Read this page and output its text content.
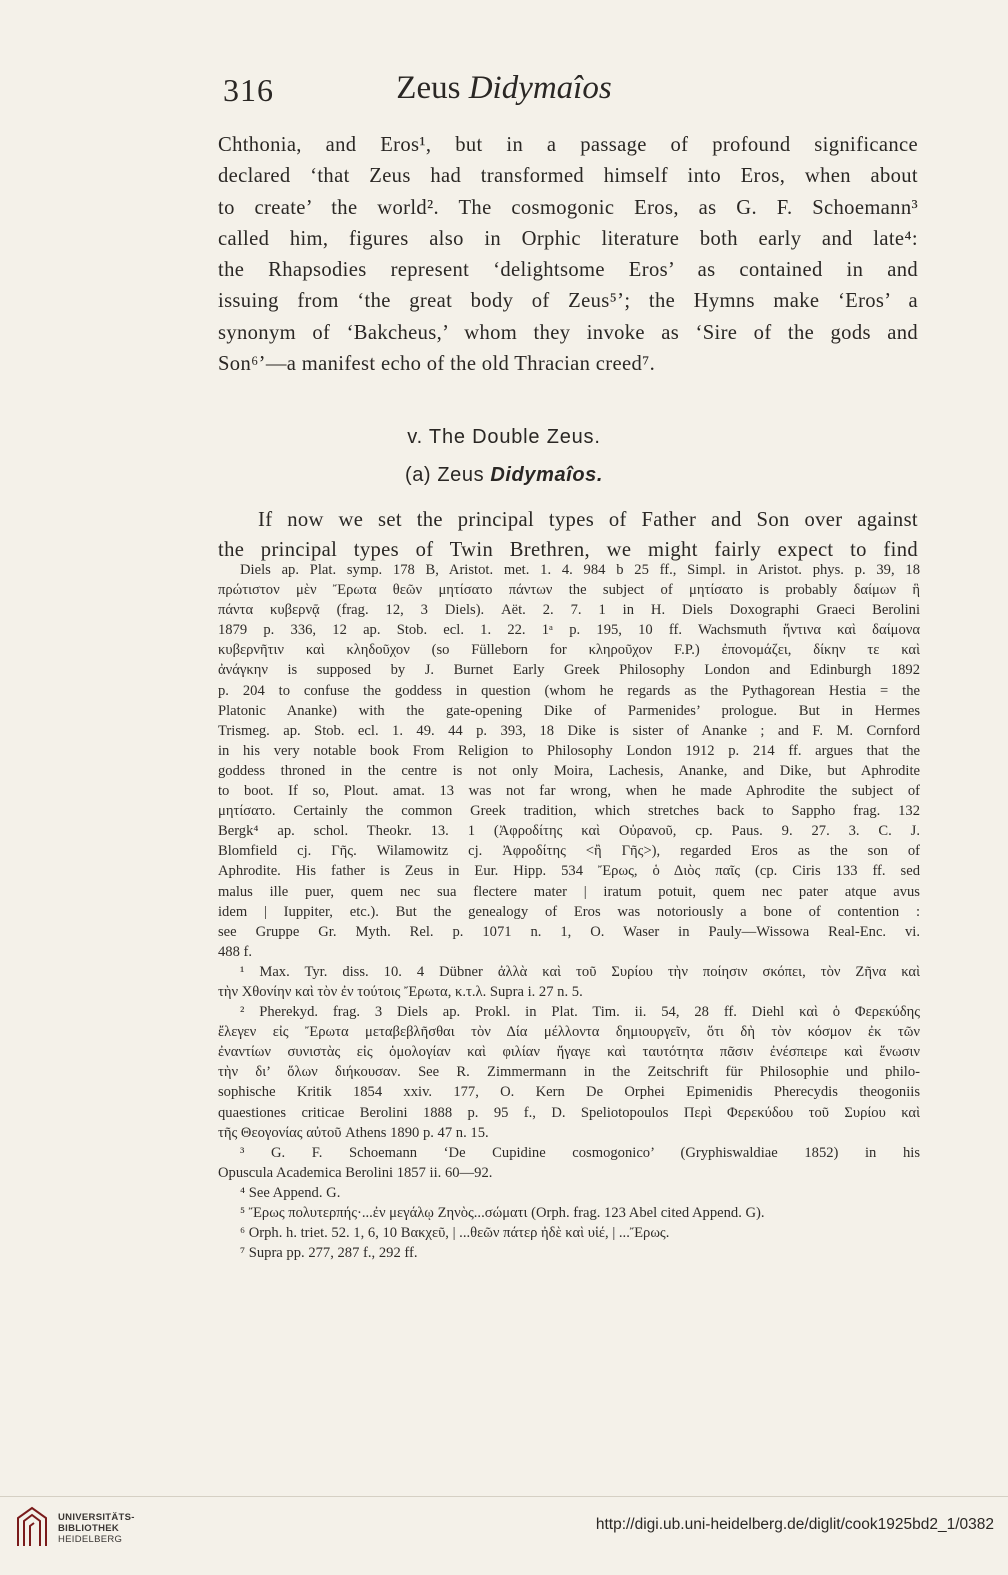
316	Zeus Didymaîos
Chthonia, and Eros¹, but in a passage of profound significance
declared ‘that Zeus had transformed himself into Eros, when about
to create’ the world². The cosmogonic Eros, as G. F. Schoemann³
called him, figures also in Orphic literature both early and late⁴:
the Rhapsodies represent ‘delightsome Eros’ as contained in and
issuing from ‘the great body of Zeus⁵’; the Hymns make ‘Eros’ a
synonym of ‘Bakcheus,’ whom they invoke as ‘Sire of the gods and
Son⁶’—a manifest echo of the old Thracian creed⁷.
v. The Double Zeus.
(a) Zeus Didymaîos.
If now we set the principal types of Father and Son over against
the principal types of Twin Brethren, we might fairly expect to find
Diels ap. Plat. symp. 178 B, Aristot. met. 1. 4. 984 b 25 ff., Simpl. in Aristot. phys. p. 39, 18
πρώτιστον μὲν Ἔρωτα θεῶν μητίσατο πάντων the subject of μητίσατο is probably δαίμων ἣ
πάντα κυβερνᾷ (frag. 12, 3 Diels). Aët. 2. 7. 1 in H. Diels Doxographi Graeci Berolini
1879 p. 336, 12 ap. Stob. ecl. 1. 22. 1ᵃ p. 195, 10 ff. Wachsmuth ἥντινα καὶ δαίμονα
κυβερνῆτιν καὶ κληδοῦχον (so Fülleborn for κληροῦχον F.P.) ἐπονομάζει, δίκην τε καὶ
ἀνάγκην is supposed by J. Burnet Early Greek Philosophy London and Edinburgh 1892
p. 204 to confuse the goddess in question (whom he regards as the Pythagorean Hestia = the
Platonic Ananke) with the gate-opening Dike of Parmenides’ prologue. But in Hermes
Trismeg. ap. Stob. ecl. 1. 49. 44 p. 393, 18 Dike is sister of Ananke ; and F. M. Cornford
in his very notable book From Religion to Philosophy London 1912 p. 214 ff. argues that the
goddess throned in the centre is not only Moira, Lachesis, Ananke, and Dike, but Aphrodite
to boot. If so, Plout. amat. 13 was not far wrong, when he made Aphrodite the subject of
μητίσατο. Certainly the common Greek tradition, which stretches back to Sappho frag. 132
Bergk⁴ ap. schol. Theokr. 13. 1 (Ἀφροδίτης καὶ Οὐρανοῦ, cp. Paus. 9. 27. 3. C. J.
Blomfield cj. Γῆς. Wilamowitz cj. Ἀφροδίτης <ἢ Γῆς>), regarded Eros as the son of
Aphrodite. His father is Zeus in Eur. Hipp. 534 Ἔρως, ὁ Διὸς παῖς (cp. Ciris 133 ff. sed
malus ille puer, quem nec sua flectere mater | iratum potuit, quem nec pater atque avus
idem | Iuppiter, etc.). But the genealogy of Eros was notoriously a bone of contention :
see Gruppe Gr. Myth. Rel. p. 1071 n. 1, O. Waser in Pauly—Wissowa Real-Enc. vi.
488 f.
¹ Max. Tyr. diss. 10. 4 Dübner ἀλλὰ καὶ τοῦ Συρίου τὴν ποίησιν σκόπει, τὸν Ζῆνα καὶ
τὴν Χθονίην καὶ τὸν ἐν τούτοις Ἔρωτα, κ.τ.λ. Supra i. 27 n. 5.
² Pherekyd. frag. 3 Diels ap. Prokl. in Plat. Tim. ii. 54, 28 ff. Diehl καὶ ὁ Φερεκύδης
ἔλεγεν εἰς Ἔρωτα μεταβεβλῆσθαι τὸν Δία μέλλοντα δημιουργεῖν, ὅτι δὴ τὸν κόσμον ἐκ τῶν
ἐναντίων συνιστὰς εἰς ὁμολογίαν καὶ φιλίαν ἤγαγε καὶ ταυτότητα πᾶσιν ἐνέσπειρε καὶ ἕνωσιν
τὴν δι’ ὅλων διήκουσαν. See R. Zimmermann in the Zeitschrift für Philosophie und philo-
sophische Kritik 1854 xxiv. 177, O. Kern De Orphei Epimenidis Pherecydis theogoniis
quaestiones criticae Berolini 1888 p. 95 f., D. Speliotopoulos Περὶ Φερεκύδου τοῦ Συρίου καὶ
τῆς Θεογονίας αὐτοῦ Athens 1890 p. 47 n. 15.
³ G. F. Schoemann ‘De Cupidine cosmogonico’ (Gryphiswaldiae 1852) in his
Opuscula Academica Berolini 1857 ii. 60—92.
⁴ See Append. G.
⁵ Ἔρως πολυτερπής·...ἐν μεγάλῳ Ζηνὸς...σώματι (Orph. frag. 123 Abel cited Append. G).
⁶ Orph. h. triet. 52. 1, 6, 10 Βακχεῦ, | ...θεῶν πάτερ ἠδὲ καὶ υἱέ, | ...Ἔρως.
⁷ Supra pp. 277, 287 f., 292 ff.
UNIVERSITÄTS-
BIBLIOTHEK
HEIDELBERG
http://digi.ub.uni-heidelberg.de/diglit/cook1925bd2_1/0382
